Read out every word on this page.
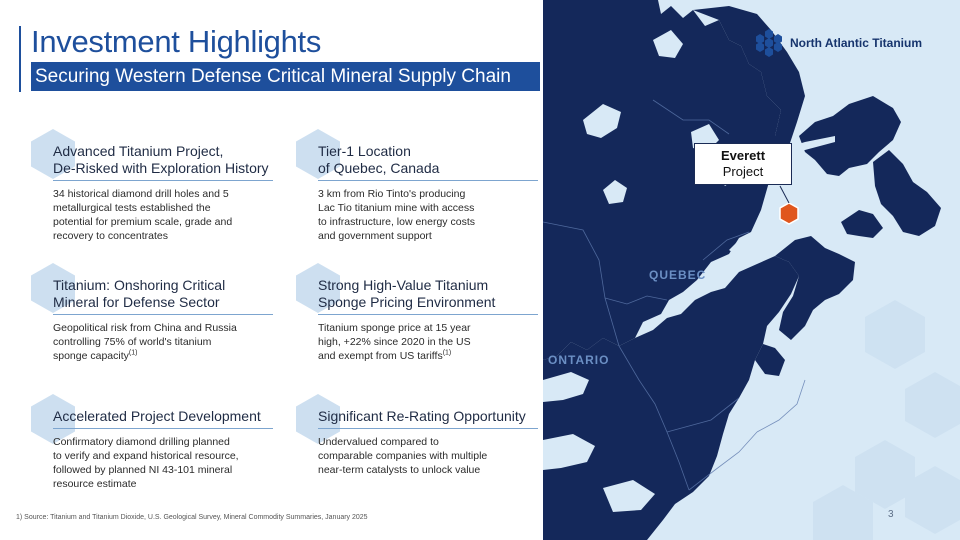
Investment Highlights
Securing Western Defense Critical Mineral Supply Chain
Advanced Titanium Project,
De-Risked with Exploration History
34 historical diamond drill holes and 5
metallurgical tests established the
potential for premium scale, grade and
recovery to concentrates
Tier-1 Location
of Quebec, Canada
3 km from Rio Tinto's producing
Lac Tio titanium mine with access
to infrastructure, low energy costs
and government support
Titanium: Onshoring Critical
Mineral for Defense Sector
Geopolitical risk from China and Russia
controlling 75% of world's titanium
sponge capacity$^{(1)}$
Strong High-Value Titanium
Sponge Pricing Environment
Titanium sponge price at 15 year
high, +22% since 2020 in the US
and exempt from US tariffs$^{(1)}$
Accelerated Project Development
Confirmatory diamond drilling planned
to verify and expand historical resource,
followed by planned NI 43-101 mineral
resource estimate
Significant Re-Rating Opportunity
Undervalued compared to
comparable companies with multiple
near-term catalysts to unlock value
1) Source: Titanium and Titanium Dioxide, U.S. Geological Survey, Mineral Commodity Summaries, January 2025
North Atlantic Titanium
Everett
Project
QUEBEC
ONTARIO
3
